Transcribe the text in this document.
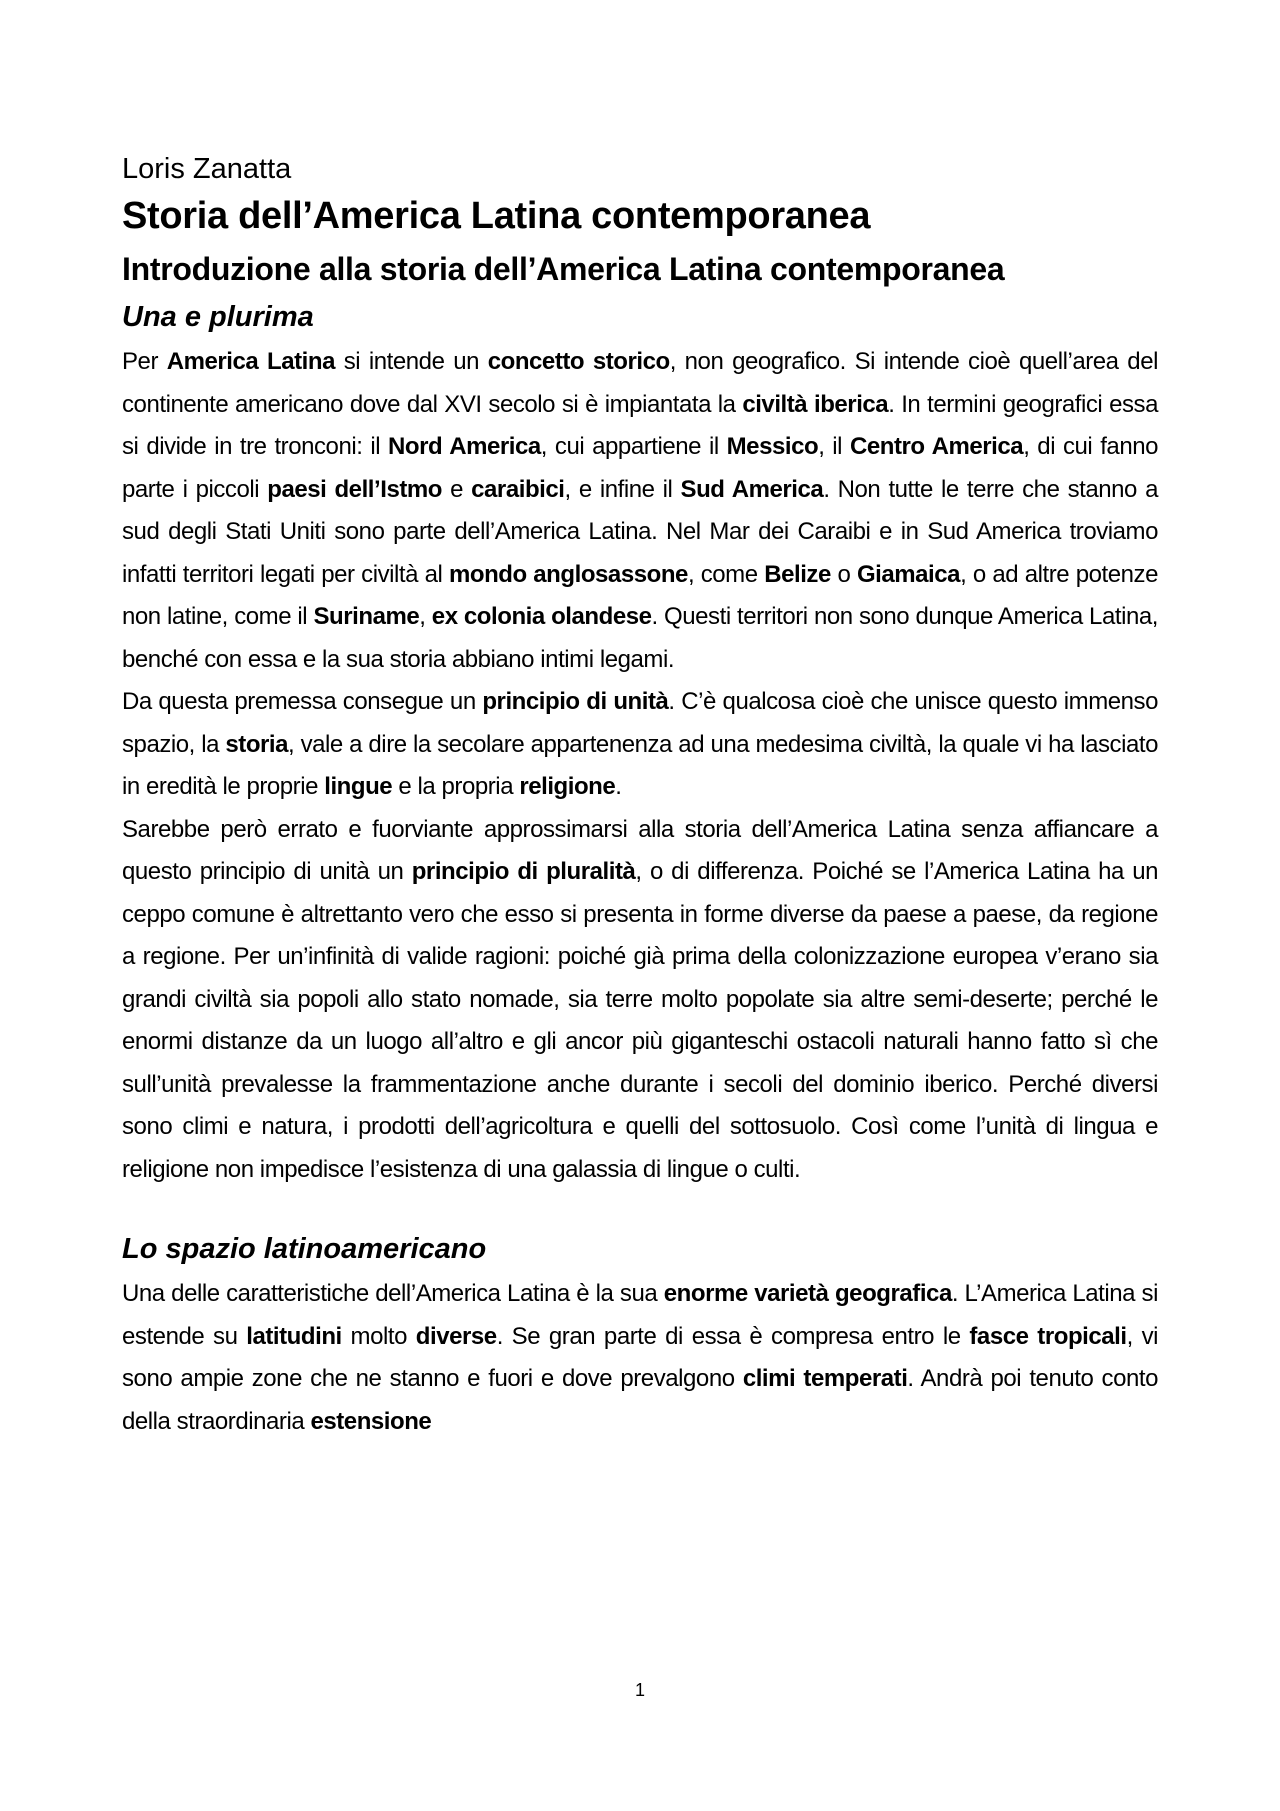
Loris Zanatta
Storia dell’America Latina contemporanea
Introduzione alla storia dell’America Latina contemporanea
Una e plurima

Per America Latina si intende un concetto storico, non geografico. Si intende cioè quell’area del continente americano dove dal XVI secolo si è impiantata la civiltà iberica. In termini geografici essa si divide in tre tronconi: il Nord America, cui appartiene il Messico, il Centro America, di cui fanno parte i piccoli paesi dell’Istmo e caraibici, e infine il Sud America. Non tutte le terre che stanno a sud degli Stati Uniti sono parte dell’America Latina. Nel Mar dei Caraibi e in Sud America troviamo infatti territori legati per civiltà al mondo anglosassone, come Belize o Giamaica, o ad altre potenze non latine, come il Suriname, ex colonia olandese. Questi territori non sono dunque America Latina, benché con essa e la sua storia abbiano intimi legami.

Da questa premessa consegue un principio di unità. C’è qualcosa cioè che unisce questo immenso spazio, la storia, vale a dire la secolare appartenenza ad una medesima civiltà, la quale vi ha lasciato in eredità le proprie lingue e la propria religione.

Sarebbe però errato e fuorviante approssimarsi alla storia dell’America Latina senza affiancare a questo principio di unità un principio di pluralità, o di differenza. Poiché se l’America Latina ha un ceppo comune è altrettanto vero che esso si presenta in forme diverse da paese a paese, da regione a regione. Per un’infinità di valide ragioni: poiché già prima della colonizzazione europea v’erano sia grandi civiltà sia popoli allo stato nomade, sia terre molto popolate sia altre semi-deserte; perché le enormi distanze da un luogo all’altro e gli ancor più giganteschi ostacoli naturali hanno fatto sì che sull’unità prevalesse la frammentazione anche durante i secoli del dominio iberico. Perché diversi sono climi e natura, i prodotti dell’agricoltura e quelli del sottosuolo. Così come l’unità di lingua e religione non impedisce l’esistenza di una galassia di lingue o culti.

Lo spazio latinoamericano

Una delle caratteristiche dell’America Latina è la sua enorme varietà geografica. L’America Latina si estende su latitudini molto diverse. Se gran parte di essa è compresa entro le fasce tropicali, vi sono ampie zone che ne stanno e fuori e dove prevalgono climi temperati. Andrà poi tenuto conto della straordinaria estensione

1
